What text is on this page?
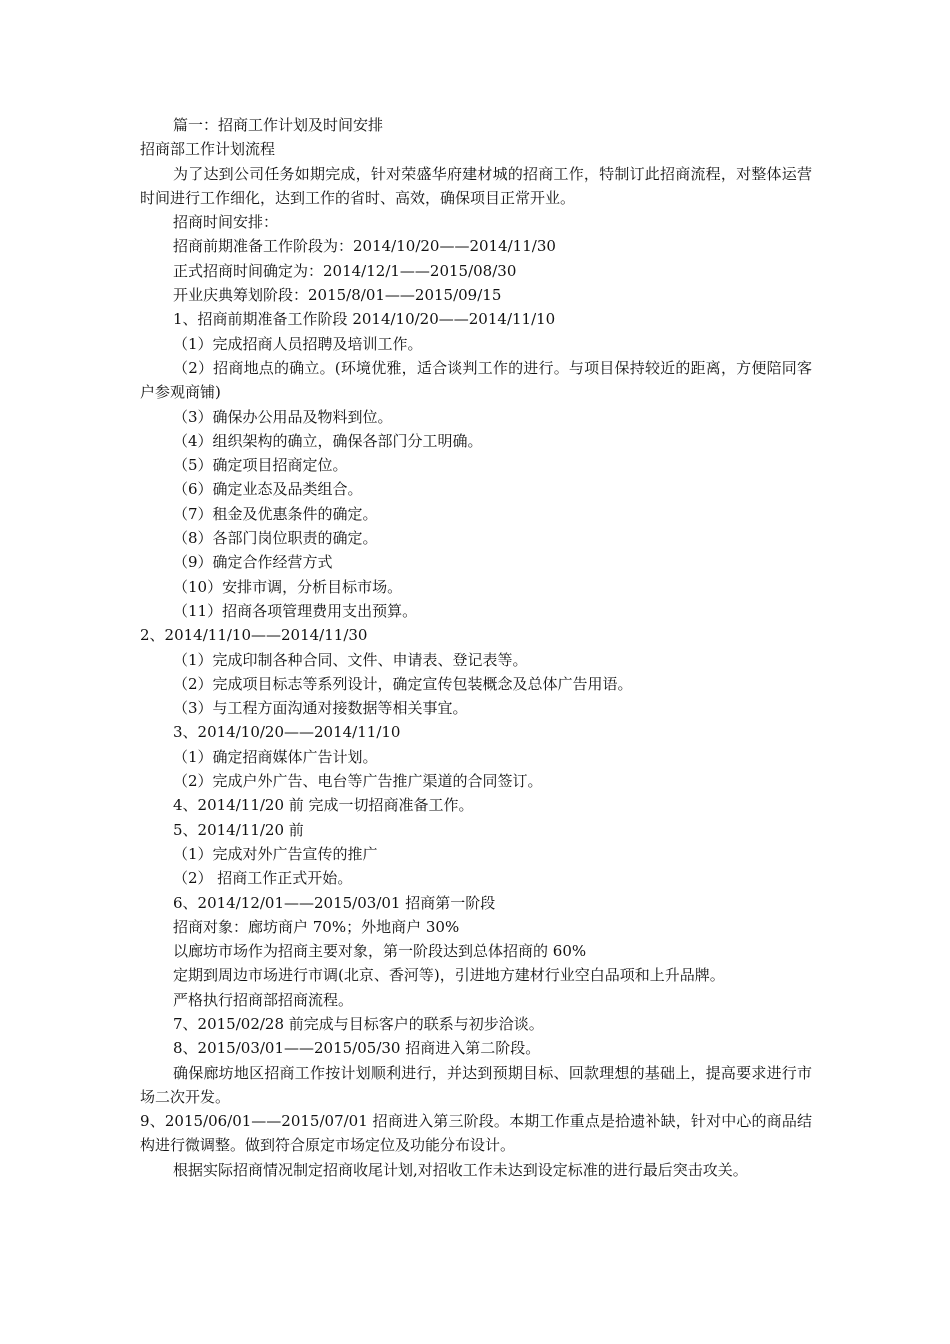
篇一：招商工作计划及时间安排

招商部工作计划流程

为了达到公司任务如期完成，针对荣盛华府建材城的招商工作，特制订此招商流程，对整体运营时间进行工作细化，达到工作的省时、高效，确保项目正常开业。

招商时间安排：

招商前期准备工作阶段为：2014/10/20——2014/11/30

正式招商时间确定为：2014/12/1——2015/08/30

开业庆典筹划阶段：2015/8/01——2015/09/15

1、招商前期准备工作阶段 2014/10/20——2014/11/10

（1）完成招商人员招聘及培训工作。

（2）招商地点的确立。(环境优雅，适合谈判工作的进行。与项目保持较近的距离，方便陪同客户参观商铺)

（3）确保办公用品及物料到位。

（4）组织架构的确立，确保各部门分工明确。

（5）确定项目招商定位。

（6）确定业态及品类组合。

（7）租金及优惠条件的确定。

（8）各部门岗位职责的确定。

（9）确定合作经营方式

（10）安排市调，分析目标市场。

（11）招商各项管理费用支出预算。

2、2014/11/10——2014/11/30

（1）完成印制各种合同、文件、申请表、登记表等。

（2）完成项目标志等系列设计，确定宣传包装概念及总体广告用语。

（3）与工程方面沟通对接数据等相关事宜。

3、2014/10/20——2014/11/10

（1）确定招商媒体广告计划。

（2）完成户外广告、电台等广告推广渠道的合同签订。

4、2014/11/20 前 完成一切招商准备工作。

5、2014/11/20 前

（1）完成对外广告宣传的推广

（2） 招商工作正式开始。

6、2014/12/01——2015/03/01 招商第一阶段

招商对象：廊坊商户 70%；外地商户 30%

以廊坊市场作为招商主要对象，第一阶段达到总体招商的 60%

定期到周边市场进行市调(北京、香河等)，引进地方建材行业空白品项和上升品牌。

严格执行招商部招商流程。

7、2015/02/28 前完成与目标客户的联系与初步洽谈。

8、2015/03/01——2015/05/30 招商进入第二阶段。

确保廊坊地区招商工作按计划顺利进行，并达到预期目标、回款理想的基础上，提高要求进行市场二次开发。

9、2015/06/01——2015/07/01 招商进入第三阶段。本期工作重点是拾遗补缺，针对中心的商品结构进行微调整。做到符合原定市场定位及功能分布设计。

根据实际招商情况制定招商收尾计划,对招收工作未达到设定标准的进行最后突击攻关。
